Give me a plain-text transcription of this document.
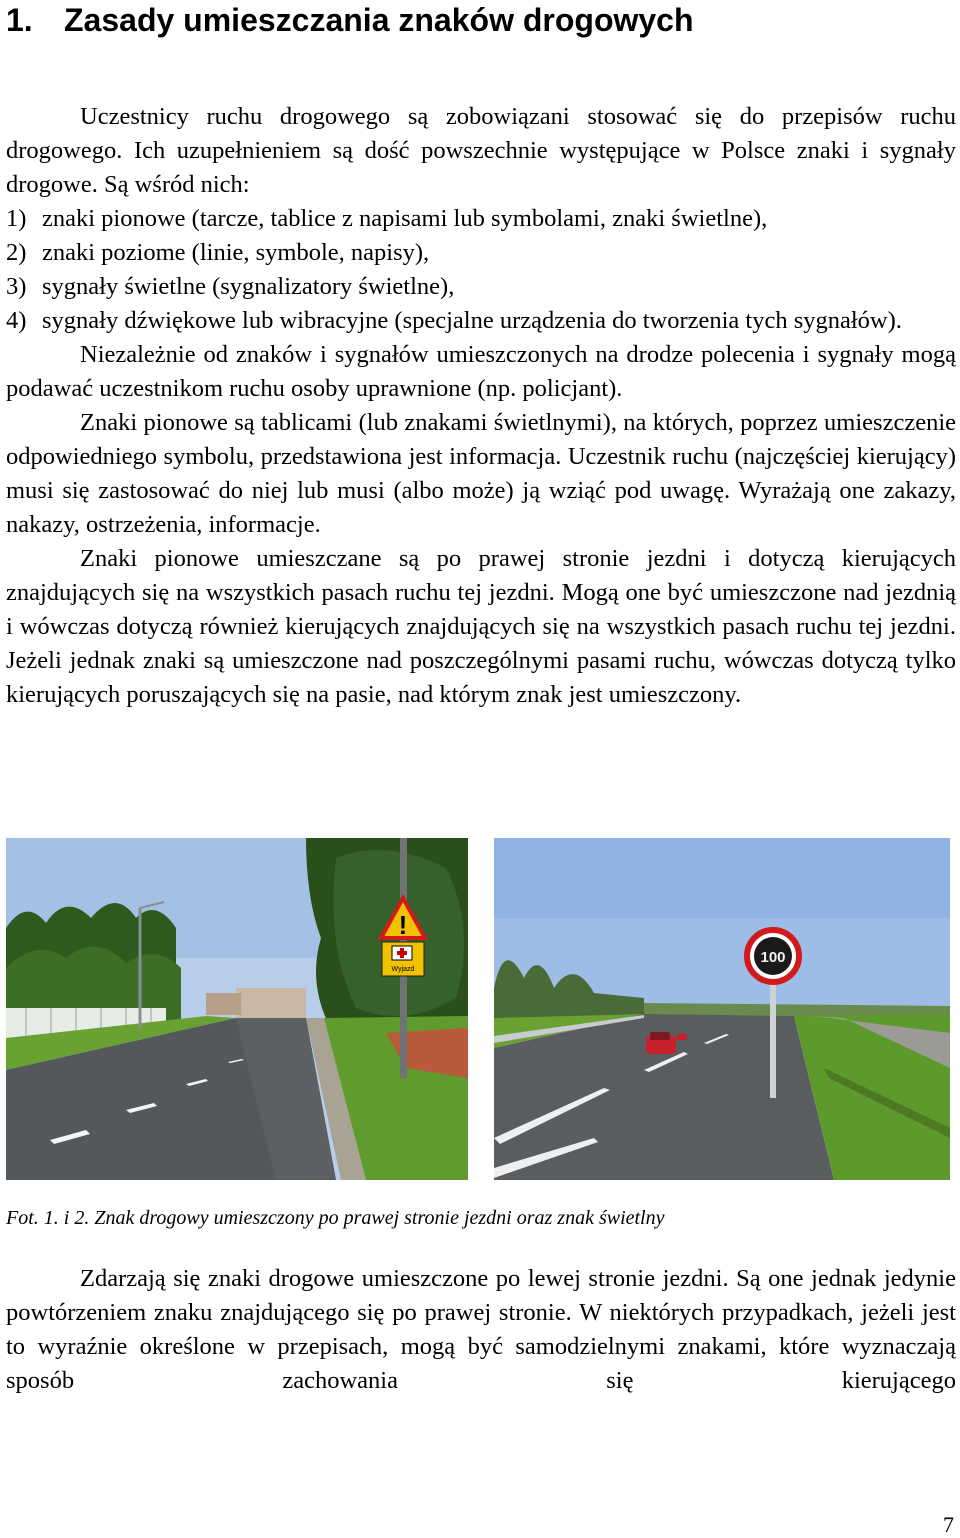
1. Zasady umieszczania znaków drogowych

Uczestnicy ruchu drogowego są zobowiązani stosować się do przepisów ruchu drogowego. Ich uzupełnieniem są dość powszechnie występujące w Polsce znaki i sygnały drogowe. Są wśród nich:

1) znaki pionowe (tarcze, tablice z napisami lub symbolami, znaki świetlne),
2) znaki poziome (linie, symbole, napisy),
3) sygnały świetlne (sygnalizatory świetlne),
4) sygnały dźwiękowe lub wibracyjne (specjalne urządzenia do tworzenia tych sygnałów).

Niezależnie od znaków i sygnałów umieszczonych na drodze polecenia i sygnały mogą podawać uczestnikom ruchu osoby uprawnione (np. policjant).

Znaki pionowe są tablicami (lub znakami świetlnymi), na których, poprzez umieszczenie odpowiedniego symbolu, przedstawiona jest informacja. Uczestnik ruchu (najczęściej kierujący) musi się zastosować do niej lub musi (albo może) ją wziąć pod uwagę. Wyrażają one zakazy, nakazy, ostrzeżenia, informacje.

Znaki pionowe umieszczane są po prawej stronie jezdni i dotyczą kierujących znajdujących się na wszystkich pasach ruchu tej jezdni. Mogą one być umieszczone nad jezdnią i wówczas dotyczą również kierujących znajdujących się na wszystkich pasach ruchu tej jezdni. Jeżeli jednak znaki są umieszczone nad poszczególnymi pasami ruchu, wówczas dotyczą tylko kierujących poruszających się na pasie, nad którym znak jest umieszczony.

!
Wyjazd
100
Fot. 1. i 2. Znak drogowy umieszczony po prawej stronie jezdni oraz znak świetlny

Zdarzają się znaki drogowe umieszczone po lewej stronie jezdni. Są one jednak jedynie powtórzeniem znaku znajdującego się po prawej stronie. W niektórych przypadkach, jeżeli jest to wyraźnie określone w przepisach, mogą być samodzielnymi znakami, które wyznaczają sposób zachowania się kierującego

7
